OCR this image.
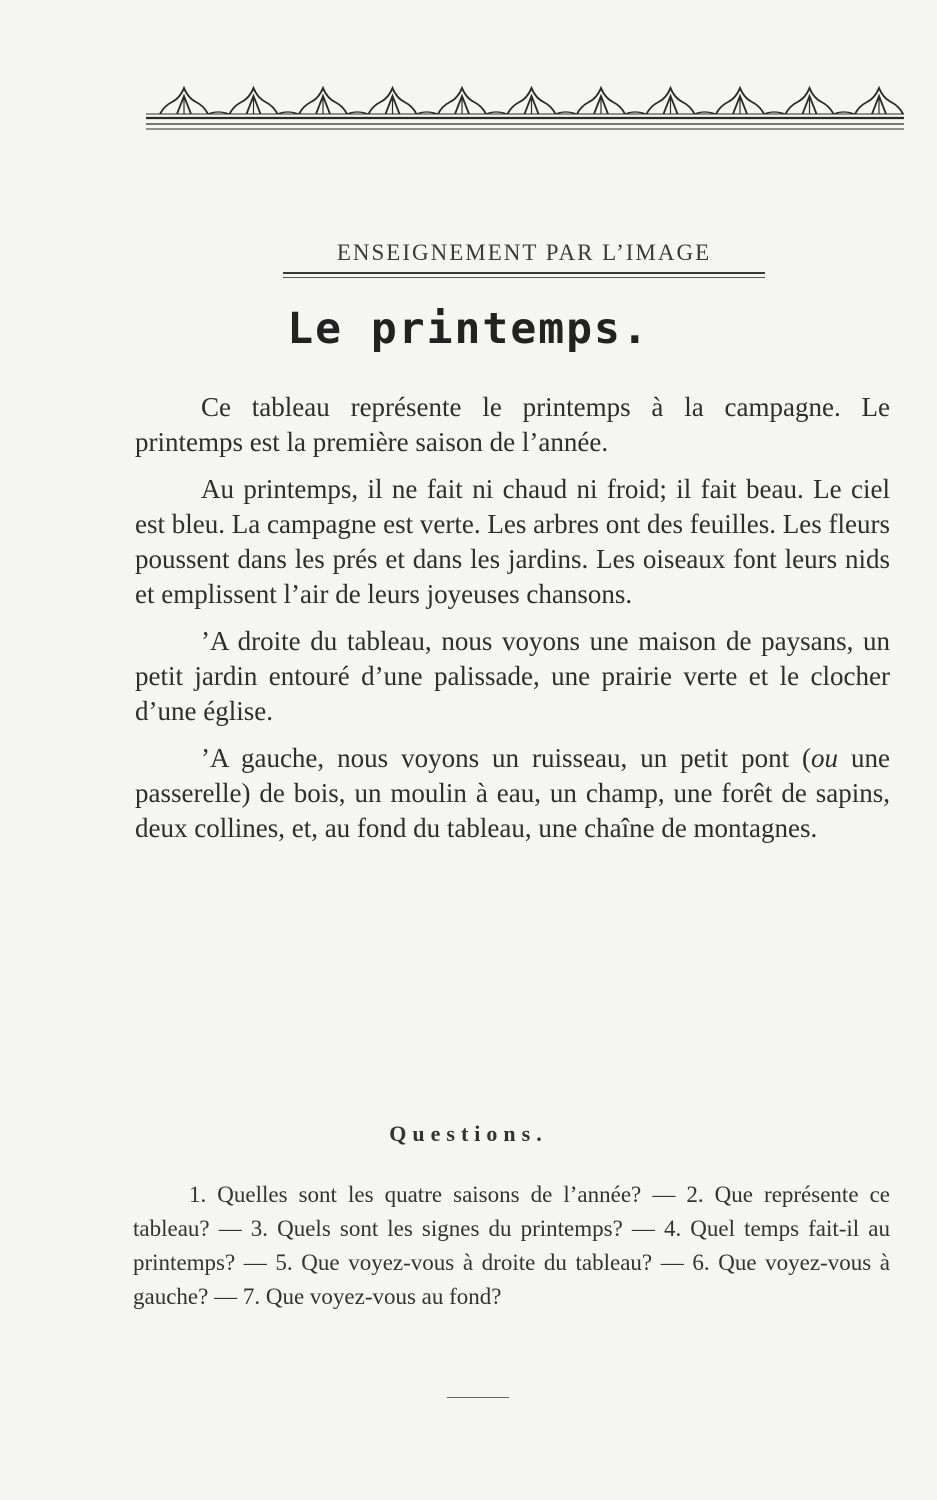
ENSEIGNEMENT PAR L’IMAGE
Le printemps.

Ce tableau représente le printemps à la campagne. Le printemps est la première saison de l’année.

Au printemps, il ne fait ni chaud ni froid; il fait beau. Le ciel est bleu. La campagne est verte. Les arbres ont des feuilles. Les fleurs poussent dans les prés et dans les jardins. Les oiseaux font leurs nids et emplissent l’air de leurs joyeuses chansons.

’A droite du tableau, nous voyons une maison de paysans, un petit jardin entouré d’une palissade, une prairie verte et le clocher d’une église.

’A gauche, nous voyons un ruisseau, un petit pont (ou une passerelle) de bois, un moulin à eau, un champ, une forêt de sapins, deux collines, et, au fond du tableau, une chaîne de montagnes.

Questions.

1. Quelles sont les quatre saisons de l’année? — 2. Que représente ce tableau? — 3. Quels sont les signes du printemps? — 4. Quel temps fait-il au printemps? — 5. Que voyez-vous à droite du tableau? — 6. Que voyez-vous à gauche? — 7. Que voyez-vous au fond?
